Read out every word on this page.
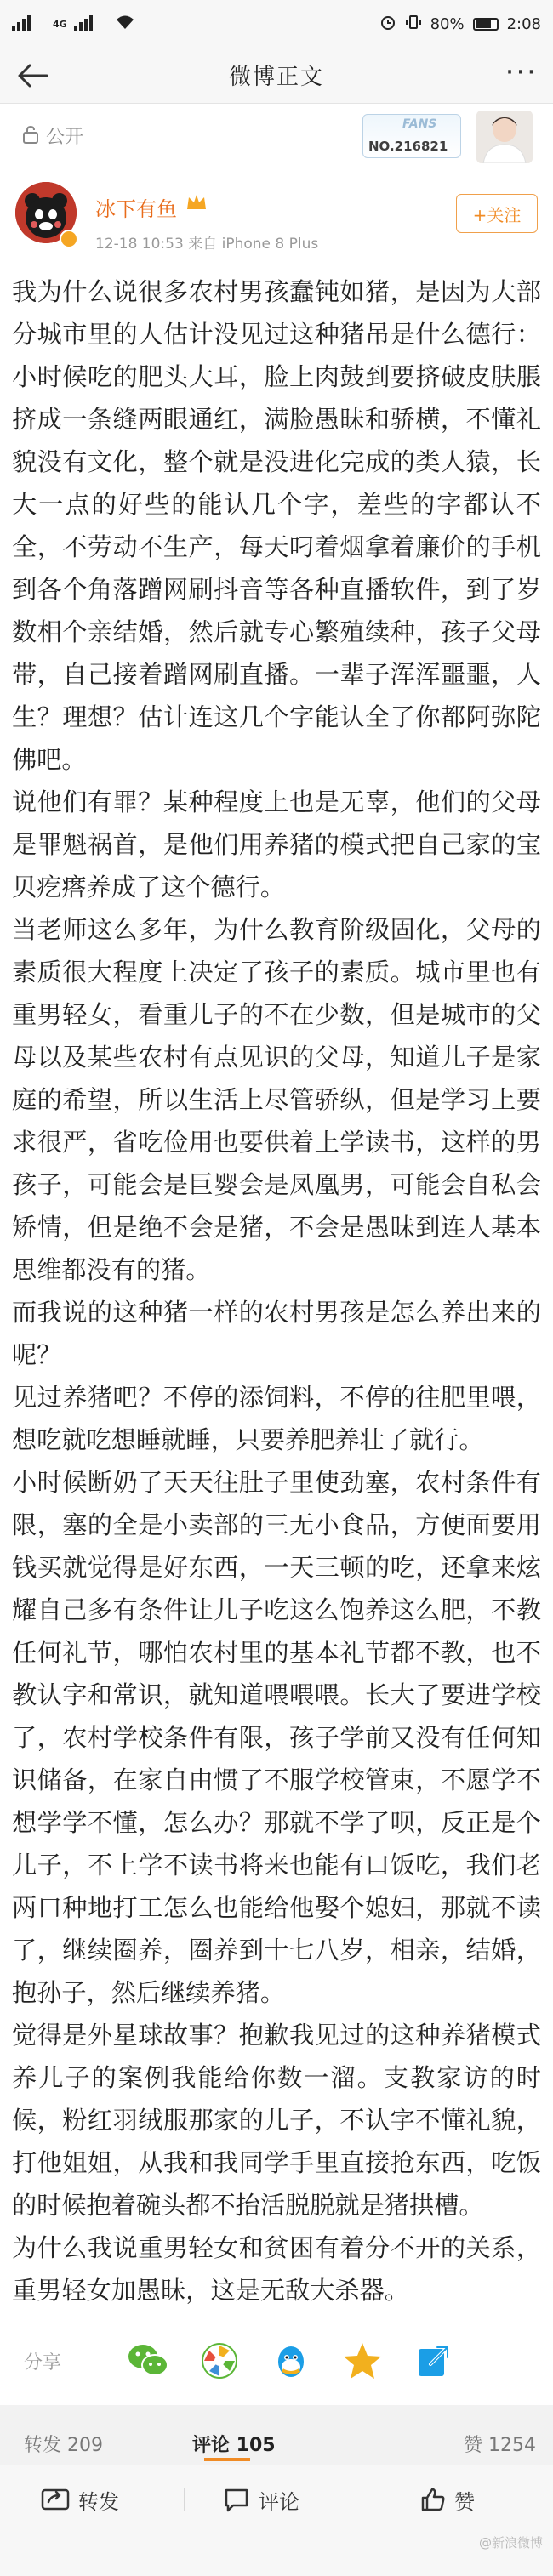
4G	80%	2:08
微博正文	···
公开
FANS
NO.216821
冰下有鱼
12-18 10:53 来自 iPhone 8 Plus
+关注

我为什么说很多农村男孩蠢钝如猪，是因为大部分城市里的人估计没见过这种猪吊是什么德行：小时候吃的肥头大耳，脸上肉鼓到要挤破皮肤脹挤成一条缝两眼通红，满脸愚昧和骄横，不懂礼貌没有文化，整个就是没进化完成的类人猿，长大一点的好些的能认几个字，差些的字都认不全，不劳动不生产，每天叼着烟拿着廉价的手机到各个角落蹭网刷抖音等各种直播软件，到了岁数相个亲结婚，然后就专心繁殖续种，孩子父母带，自己接着蹭网刷直播。一辈子浑浑噩噩，人生？理想？估计连这几个字能认全了你都阿弥陀佛吧。

说他们有罪？某种程度上也是无辜，他们的父母是罪魁祸首，是他们用养猪的模式把自己家的宝贝疙瘩养成了这个德行。

当老师这么多年，为什么教育阶级固化，父母的素质很大程度上决定了孩子的素质。城市里也有重男轻女，看重儿子的不在少数，但是城市的父母以及某些农村有点见识的父母，知道儿子是家庭的希望，所以生活上尽管骄纵，但是学习上要求很严，省吃俭用也要供着上学读书，这样的男孩子，可能会是巨婴会是凤凰男，可能会自私会矫情，但是绝不会是猪，不会是愚昧到连人基本思维都没有的猪。

而我说的这种猪一样的农村男孩是怎么养出来的呢？

见过养猪吧？不停的添饲料，不停的往肥里喂，想吃就吃想睡就睡，只要养肥养壮了就行。

小时候断奶了天天往肚子里使劲塞，农村条件有限，塞的全是小卖部的三无小食品，方便面要用钱买就觉得是好东西，一天三顿的吃，还拿来炫耀自己多有条件让儿子吃这么饱养这么肥，不教任何礼节，哪怕农村里的基本礼节都不教，也不教认字和常识，就知道喂喂喂。长大了要进学校了，农村学校条件有限，孩子学前又没有任何知识储备，在家自由惯了不服学校管束，不愿学不想学学不懂，怎么办？那就不学了呗，反正是个儿子，不上学不读书将来也能有口饭吃，我们老两口种地打工怎么也能给他娶个媳妇，那就不读了，继续圈养，圈养到十七八岁，相亲，结婚，抱孙子，然后继续养猪。

觉得是外星球故事？抱歉我见过的这种养猪模式养儿子的案例我能给你数一溜。支教家访的时候，粉红羽绒服那家的儿子，不认字不懂礼貌，打他姐姐，从我和我同学手里直接抢东西，吃饭的时候抱着碗头都不抬活脱脱就是猪拱槽。

为什么我说重男轻女和贫困有着分不开的关系，重男轻女加愚昧，这是无敌大杀器。

分享
转发 209	评论 105	赞 1254
转发	评论	赞
@新浪微博
